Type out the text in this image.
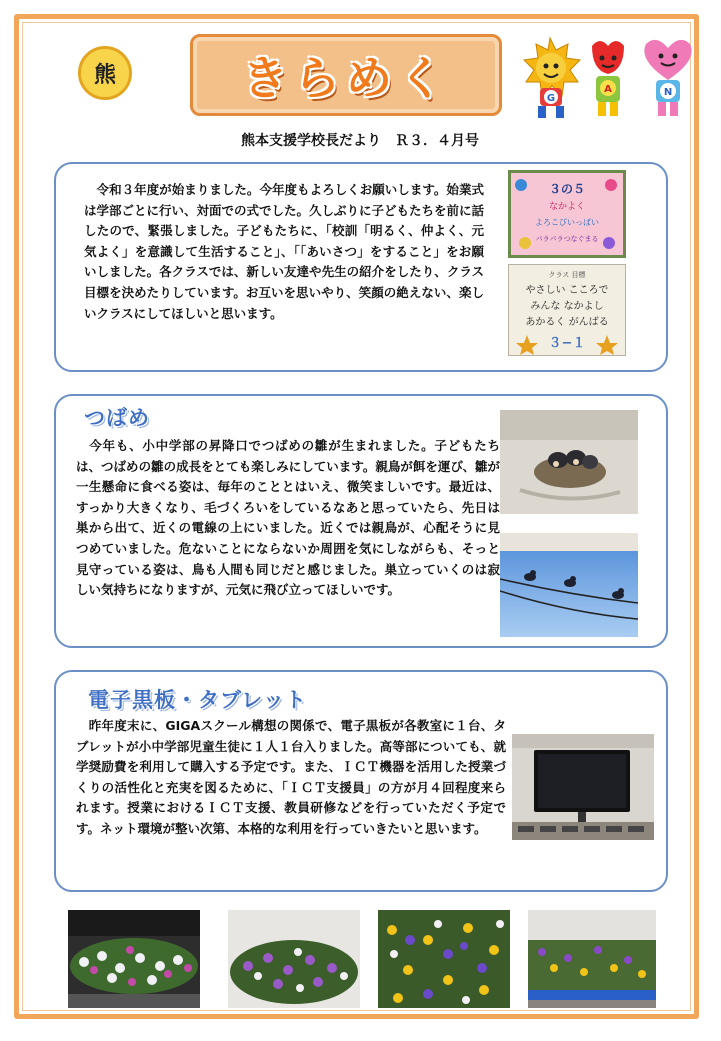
熊	きらめく	G
A	N
熊本支援学校長だより　Ｒ３．４月号

　令和３年度が始まりました。今年度もよろしくお願いします。始業式は学部ごとに行い、対面での式でした。久しぶりに子どもたちを前に話したので、緊張しました。子どもたちに、「校訓「明るく、仲よく、元気よく」を意識して生活すること」、「「あいさつ」をすること」をお願いしました。各クラスでは、新しい友達や先生の紹介をしたり、クラス目標を決めたりしています。お互いを思いやり、笑顔の絶えない、楽しいクラスにしてほしいと思います。

３の５
なかよく
よろこびいっぱい
パラパラつなぐまる
クラス 目標
やさしい こころで
みんな なかよし
あかるく がんばる
３−１
つばめ

　今年も、小中学部の昇降口でつばめの雛が生まれました。子どもたちは、つばめの雛の成長をとても楽しみにしています。親鳥が餌を運び、雛が一生懸命に食べる姿は、毎年のこととはいえ、微笑ましいです。最近は、すっかり大きくなり、毛づくろいをしているなあと思っていたら、先日は巣から出て、近くの電線の上にいました。近くでは親鳥が、心配そうに見つめていました。危ないことにならないか周囲を気にしながらも、そっと見守っている姿は、鳥も人間も同じだと感じました。巣立っていくのは寂しい気持ちになりますが、元気に飛び立ってほしいです。

電子黒板・タブレット

　昨年度末に、GIGAスクール構想の関係で、電子黒板が各教室に１台、タブレットが小中学部児童生徒に１人１台入りました。高等部についても、就学奨励費を利用して購入する予定です。また、ＩＣＴ機器を活用した授業づくりの活性化と充実を図るために、「ＩＣＴ支援員」の方が月４回程度来られます。授業におけるＩＣＴ支援、教員研修などを行っていただく予定です。ネット環境が整い次第、本格的な利用を行っていきたいと思います。
